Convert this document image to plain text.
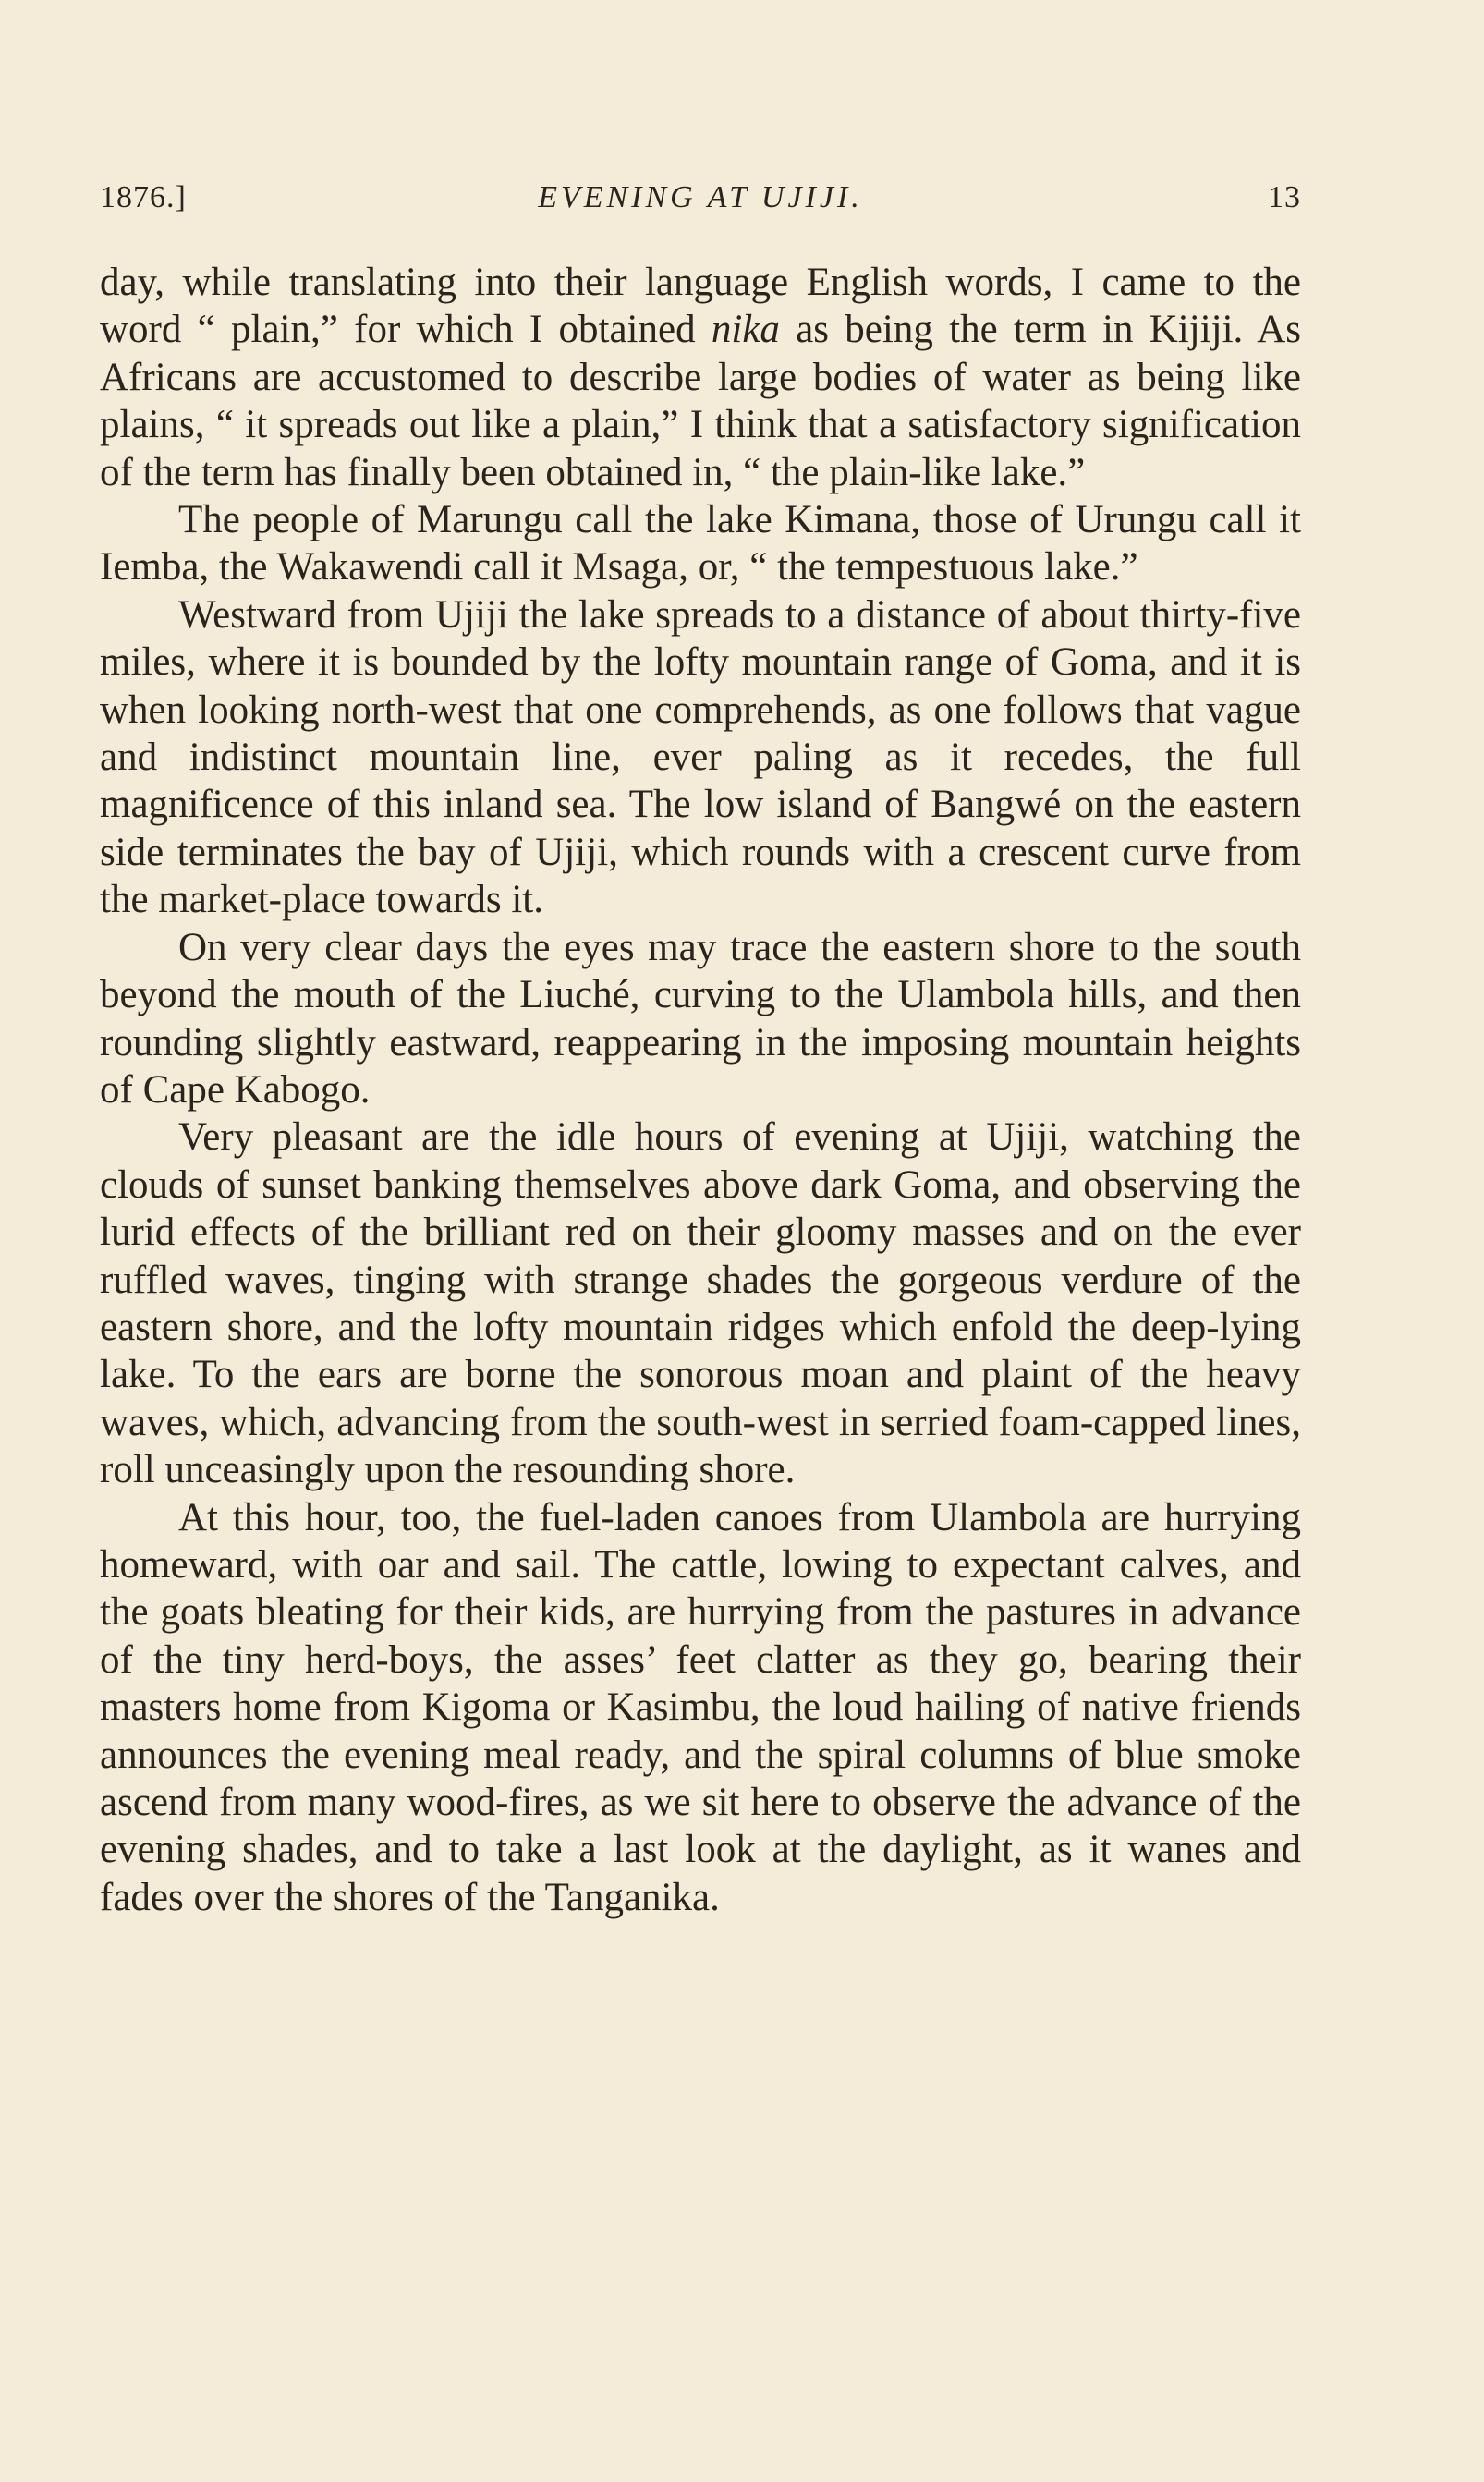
1876.]	EVENING AT UJIJI.	13

day, while translating into their language English words, I came to the word “ plain,” for which I obtained nika as being the term in Kijiji. As Africans are accustomed to describe large bodies of water as being like plains, “ it spreads out like a plain,” I think that a satisfactory signification of the term has finally been obtained in, “ the plain-like lake.”

The people of Marungu call the lake Kimana, those of Urungu call it Iemba, the Wakawendi call it Msaga, or, “ the tempestuous lake.”

Westward from Ujiji the lake spreads to a distance of about thirty-five miles, where it is bounded by the lofty mountain range of Goma, and it is when looking north-west that one comprehends, as one follows that vague and indistinct mountain line, ever paling as it recedes, the full magnificence of this inland sea. The low island of Bangwé on the eastern side terminates the bay of Ujiji, which rounds with a crescent curve from the market-place towards it.

On very clear days the eyes may trace the eastern shore to the south beyond the mouth of the Liuché, curving to the Ulambola hills, and then rounding slightly eastward, reappearing in the imposing mountain heights of Cape Kabogo.

Very pleasant are the idle hours of evening at Ujiji, watching the clouds of sunset banking themselves above dark Goma, and observing the lurid effects of the brilliant red on their gloomy masses and on the ever ruffled waves, tinging with strange shades the gorgeous verdure of the eastern shore, and the lofty mountain ridges which enfold the deep-lying lake. To the ears are borne the sonorous moan and plaint of the heavy waves, which, advancing from the south-west in serried foam-capped lines, roll unceasingly upon the resounding shore.

At this hour, too, the fuel-laden canoes from Ulambola are hurrying homeward, with oar and sail. The cattle, lowing to expectant calves, and the goats bleating for their kids, are hurrying from the pastures in advance of the tiny herd-boys, the asses’ feet clatter as they go, bearing their masters home from Kigoma or Kasimbu, the loud hailing of native friends announces the evening meal ready, and the spiral columns of blue smoke ascend from many wood-fires, as we sit here to observe the advance of the evening shades, and to take a last look at the daylight, as it wanes and fades over the shores of the Tanganika.
